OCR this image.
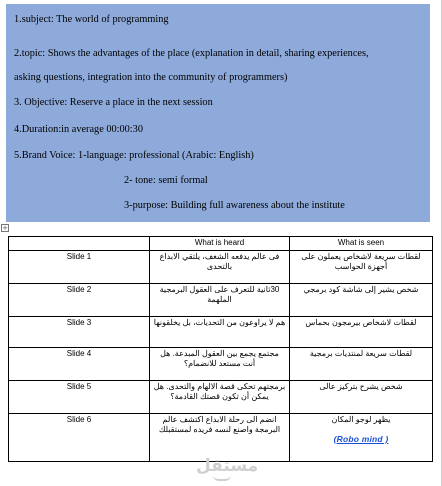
1.subject: The world of programming
2.topic: Shows the advantages of the place (explanation in detail, sharing experiences,
asking questions, integration into the community of programmers)
3. Objective: Reserve a place in the next session
4.Duration:in average 00:00:30
5.Brand Voice: 1-language: professional (Arabic: English)
2- tone: semi formal
3-purpose: Building full awareness about the institute
+
	What is heard	What is seen
Slide 1	فى عالم يدفعه الشغف، يلتقي الابداع بالتحدى	لقطات سريعة لاشخاص يعملون على أجهزة الحواسب
Slide 2	30ثانية للتعرف على العقول البرمجية الملهمة	شخص يشير إلى شاشة كود برمجي
Slide 3	هم لا يراوعون من التحديات، بل يخلقونها	لقطات لاشخاص بيرمجون بحماس
Slide 4	مجتمع يجمع بين العقول المبدعة. هل أنت مستعد للانضمام؟	لقطات سريعة لمنتديات برمجية
Slide 5	برمجتهم تحكى قصة الالهام والتحدى. هل يمكن أن تكون قصتك القادمة؟	شخص يشرح بتركيز عالى
Slide 6	انضم الى رحلة الابداع اكتشف عالم البرمجة واصنع لنسه فريده لمستقبلك	يظهر لوجو المكان
(Robo mind )
مستقل
